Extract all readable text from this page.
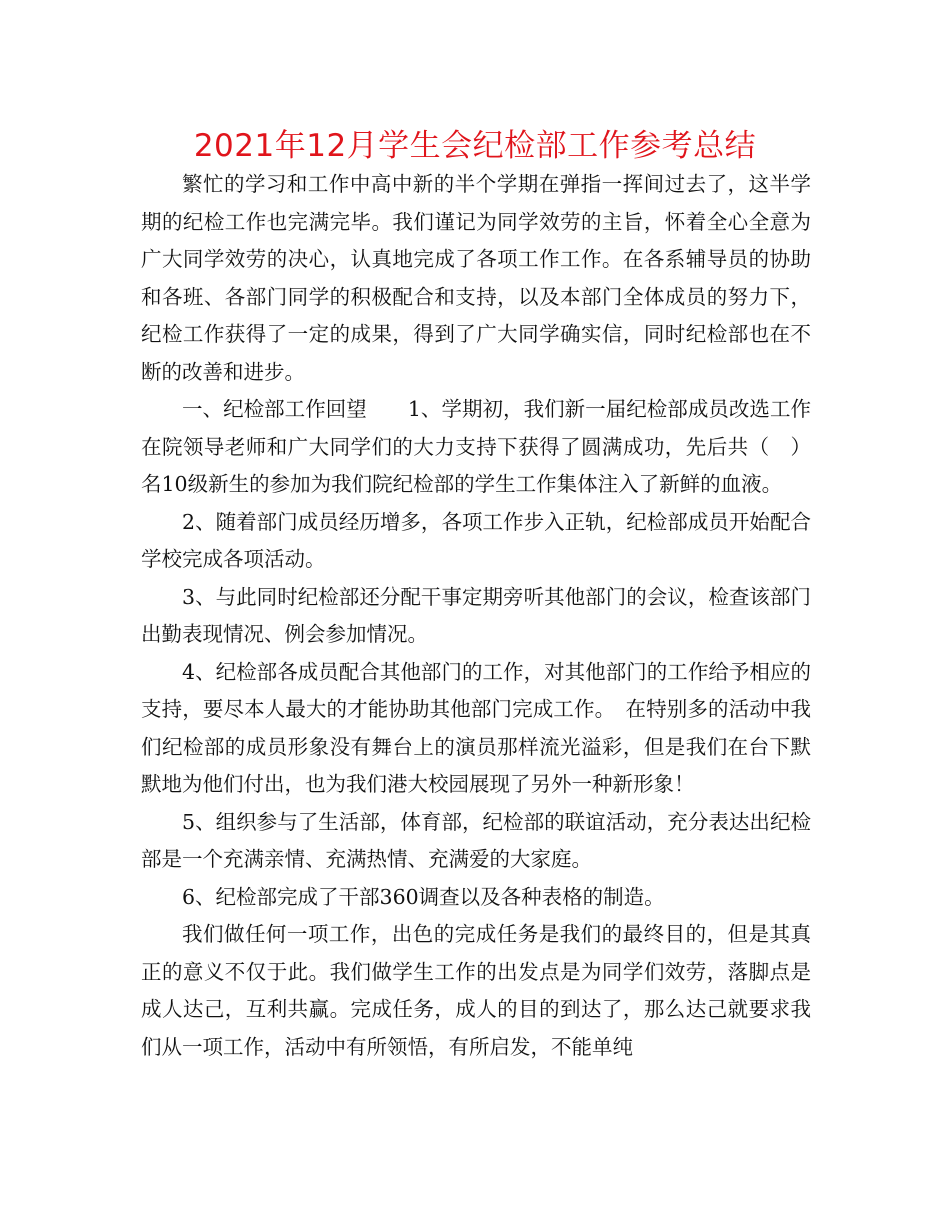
2021年12月学生会纪检部工作参考总结

繁忙的学习和工作中高中新的半个学期在弹指一挥间过去了，这半学期的纪检工作也完满完毕。我们谨记为同学效劳的主旨，怀着全心全意为广大同学效劳的决心，认真地完成了各项工作工作。在各系辅导员的协助和各班、各部门同学的积极配合和支持，以及本部门全体成员的努力下，纪检工作获得了一定的成果，得到了广大同学确实信，同时纪检部也在不断的改善和进步。

一、纪检部工作回望　　1、学期初，我们新一届纪检部成员改选工作在院领导老师和广大同学们的大力支持下获得了圆满成功，先后共（　）名10级新生的参加为我们院纪检部的学生工作集体注入了新鲜的血液。

2、随着部门成员经历增多，各项工作步入正轨，纪检部成员开始配合学校完成各项活动。

3、与此同时纪检部还分配干事定期旁听其他部门的会议，检查该部门出勤表现情况、例会参加情况。

4、纪检部各成员配合其他部门的工作，对其他部门的工作给予相应的支持，要尽本人最大的才能协助其他部门完成工作。　在特别多的活动中我们纪检部的成员形象没有舞台上的演员那样流光溢彩，但是我们在台下默默地为他们付出，也为我们港大校园展现了另外一种新形象！

5、组织参与了生活部，体育部，纪检部的联谊活动，充分表达出纪检部是一个充满亲情、充满热情、充满爱的大家庭。

6、纪检部完成了干部360调查以及各种表格的制造。

我们做任何一项工作，出色的完成任务是我们的最终目的，但是其真正的意义不仅于此。我们做学生工作的出发点是为同学们效劳，落脚点是成人达己，互利共赢。完成任务，成人的目的到达了，那么达己就要求我们从一项工作，活动中有所领悟，有所启发，不能单纯
